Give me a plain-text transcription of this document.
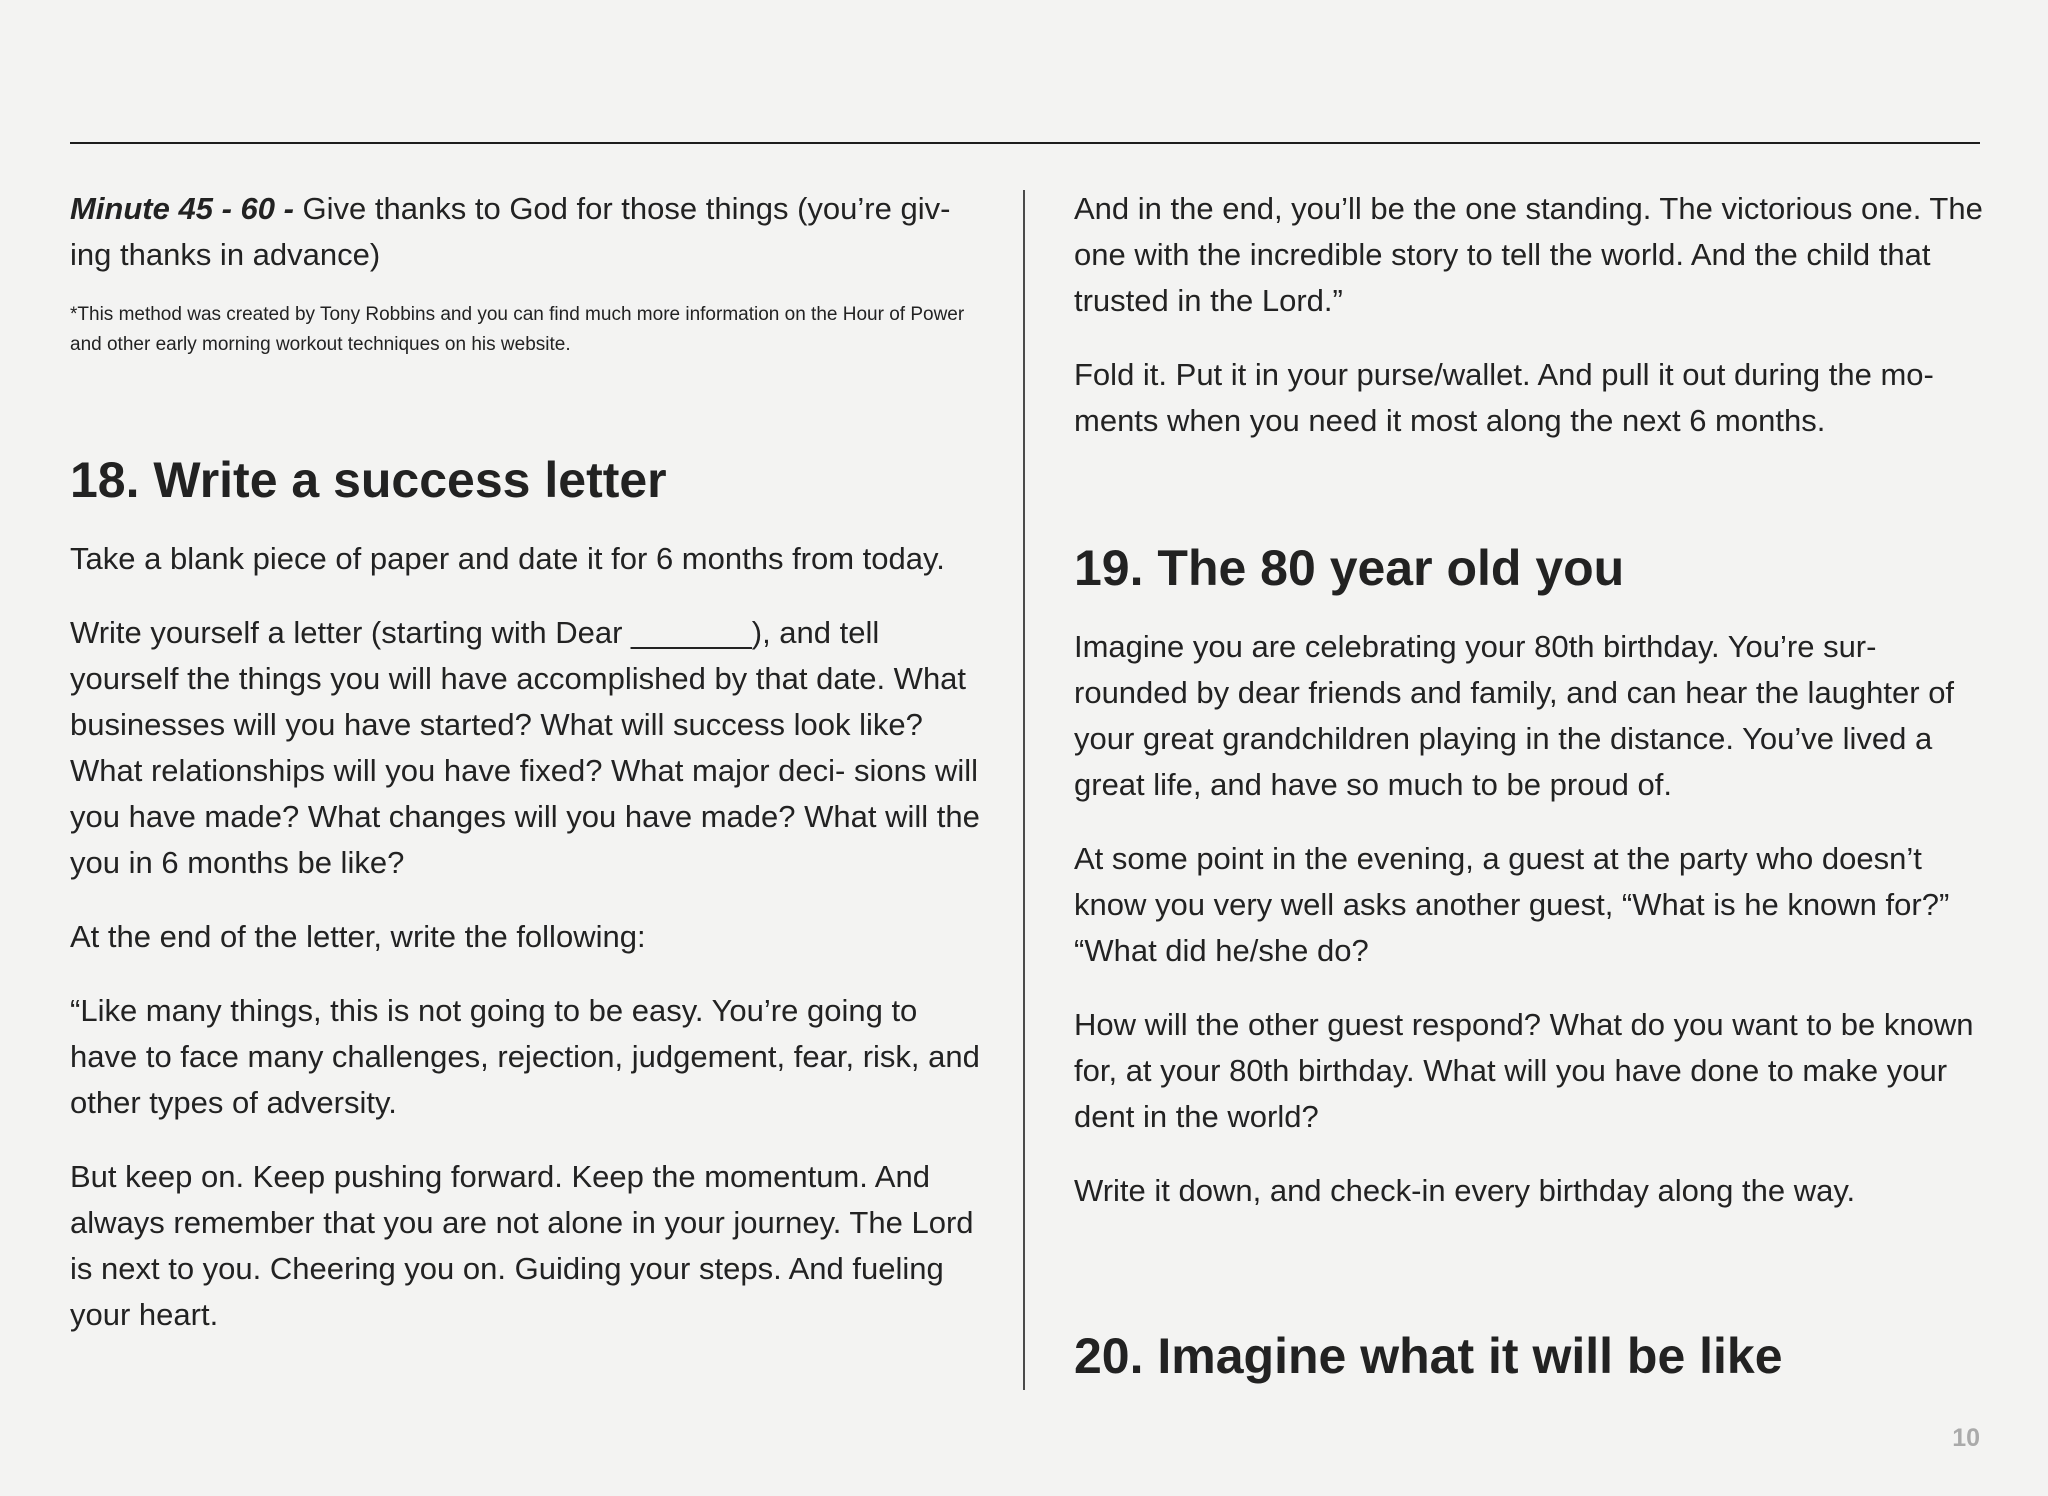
Minute 45 - 60 - Give thanks to God for those things (you’re giv- ing thanks in advance)

*This method was created by Tony Robbins and you can find much more information on the Hour of Power and other early morning workout techniques on his website.

18. Write a success letter

Take a blank piece of paper and date it for 6 months from today.

Write yourself a letter (starting with Dear _______), and tell yourself the things you will have accomplished by that date. What businesses will you have started? What will success look like? What relationships will you have fixed? What major deci- sions will you have made? What changes will you have made? What will the you in 6 months be like?

At the end of the letter, write the following:

“Like many things, this is not going to be easy. You’re going to have to face many challenges, rejection, judgement, fear, risk, and other types of adversity.

But keep on. Keep pushing forward. Keep the momentum. And always remember that you are not alone in your journey. The Lord is next to you. Cheering you on. Guiding your steps. And fueling your heart.

And in the end, you’ll be the one standing. The victorious one. The one with the incredible story to tell the world. And the child that trusted in the Lord.”

Fold it. Put it in your purse/wallet. And pull it out during the mo- ments when you need it most along the next 6 months.

19. The 80 year old you

Imagine you are celebrating your 80th birthday. You’re sur- rounded by dear friends and family, and can hear the laughter of your great grandchildren playing in the distance. You’ve lived a great life, and have so much to be proud of.

At some point in the evening, a guest at the party who doesn’t know you very well asks another guest, “What is he known for?” “What did he/she do?

How will the other guest respond? What do you want to be known for, at your 80th birthday. What will you have done to make your dent in the world?

Write it down, and check-in every birthday along the way.

20. Imagine what it will be like
10
